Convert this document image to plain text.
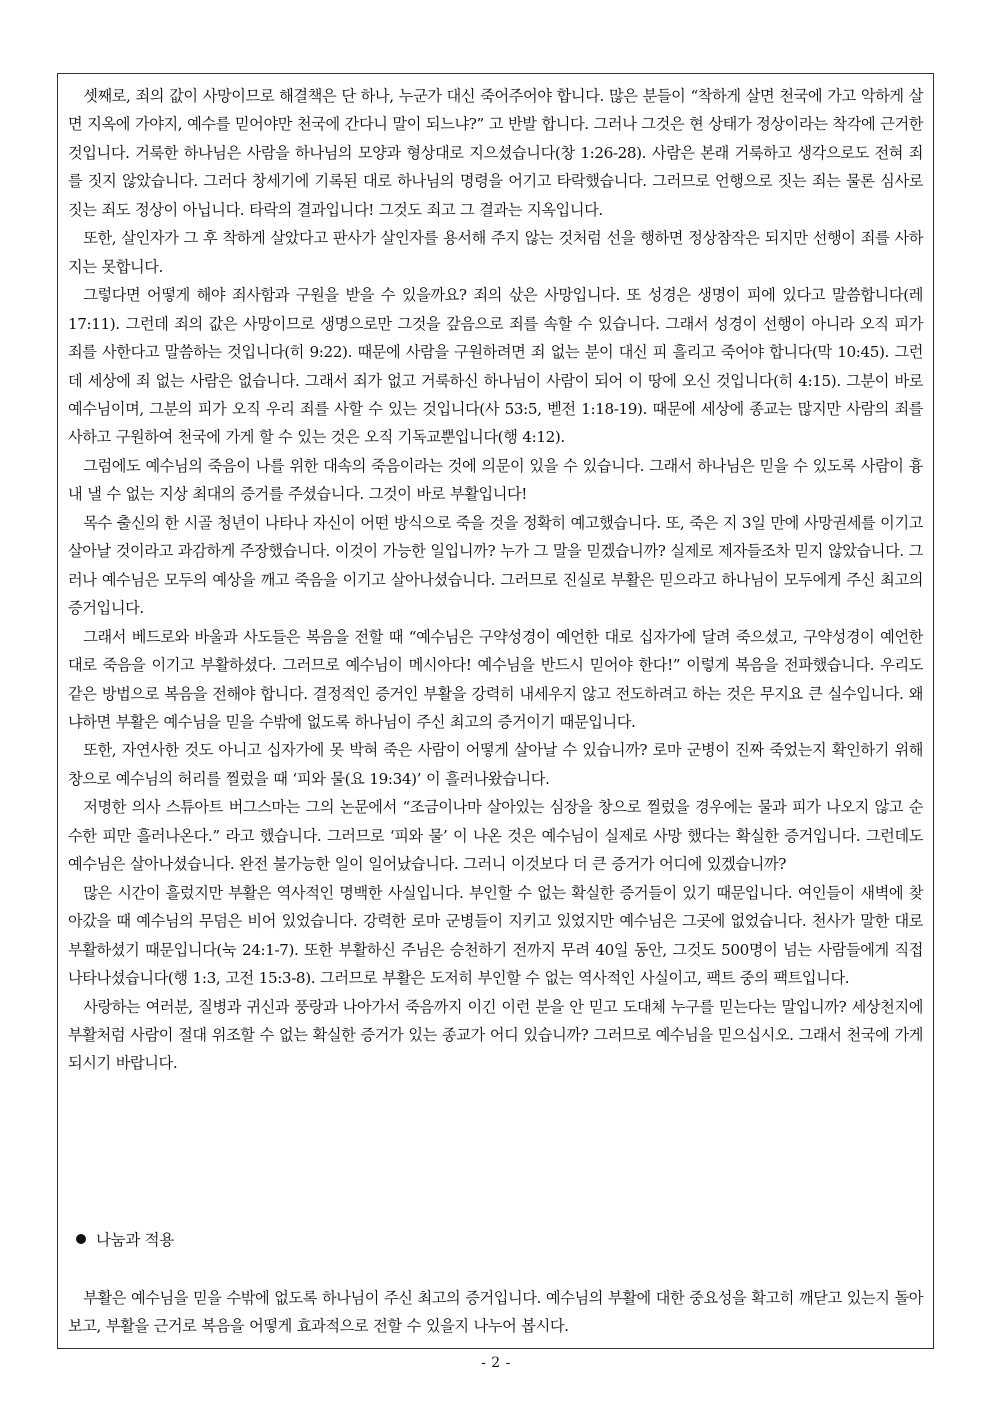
셋째로, 죄의 값이 사망이므로 해결책은 단 하나, 누군가 대신 죽어주어야 합니다. 많은 분들이 “착하게 살면 천국에 가고 악하게 살면 지옥에 가야지, 예수를 믿어야만 천국에 간다니 말이 되느냐?” 고 반발 합니다. 그러나 그것은 현 상태가 정상이라는 착각에 근거한 것입니다. 거룩한 하나님은 사람을 하나님의 모양과 형상대로 지으셨습니다(창 1:26-28). 사람은 본래 거룩하고 생각으로도 전혀 죄를 짓지 않았습니다. 그러다 창세기에 기록된 대로 하나님의 명령을 어기고 타락했습니다. 그러므로 언행으로 짓는 죄는 물론 심사로 짓는 죄도 정상이 아닙니다. 타락의 결과입니다! 그것도 죄고 그 결과는 지옥입니다.

또한, 살인자가 그 후 착하게 살았다고 판사가 살인자를 용서해 주지 않는 것처럼 선을 행하면 정상참작은 되지만 선행이 죄를 사하지는 못합니다.

그렇다면 어떻게 해야 죄사함과 구원을 받을 수 있을까요? 죄의 삯은 사망입니다. 또 성경은 생명이 피에 있다고 말씀합니다(레 17:11). 그런데 죄의 값은 사망이므로 생명으로만 그것을 갚음으로 죄를 속할 수 있습니다. 그래서 성경이 선행이 아니라 오직 피가 죄를 사한다고 말씀하는 것입니다(히 9:22). 때문에 사람을 구원하려면 죄 없는 분이 대신 피 흘리고 죽어야 합니다(막 10:45). 그런데 세상에 죄 없는 사람은 없습니다. 그래서 죄가 없고 거룩하신 하나님이 사람이 되어 이 땅에 오신 것입니다(히 4:15). 그분이 바로 예수님이며, 그분의 피가 오직 우리 죄를 사할 수 있는 것입니다(사 53:5, 벧전 1:18-19). 때문에 세상에 종교는 많지만 사람의 죄를 사하고 구원하여 천국에 가게 할 수 있는 것은 오직 기독교뿐입니다(행 4:12).

그럼에도 예수님의 죽음이 나를 위한 대속의 죽음이라는 것에 의문이 있을 수 있습니다. 그래서 하나님은 믿을 수 있도록 사람이 흉내 낼 수 없는 지상 최대의 증거를 주셨습니다. 그것이 바로 부활입니다!

목수 출신의 한 시골 청년이 나타나 자신이 어떤 방식으로 죽을 것을 정확히 예고했습니다. 또, 죽은 지 3일 만에 사망권세를 이기고 살아날 것이라고 과감하게 주장했습니다. 이것이 가능한 일입니까? 누가 그 말을 믿겠습니까? 실제로 제자들조차 믿지 않았습니다. 그러나 예수님은 모두의 예상을 깨고 죽음을 이기고 살아나셨습니다. 그러므로 진실로 부활은 믿으라고 하나님이 모두에게 주신 최고의 증거입니다.

그래서 베드로와 바울과 사도들은 복음을 전할 때 “예수님은 구약성경이 예언한 대로 십자가에 달려 죽으셨고, 구약성경이 예언한 대로 죽음을 이기고 부활하셨다. 그러므로 예수님이 메시아다! 예수님을 반드시 믿어야 한다!” 이렇게 복음을 전파했습니다. 우리도 같은 방법으로 복음을 전해야 합니다. 결정적인 증거인 부활을 강력히 내세우지 않고 전도하려고 하는 것은 무지요 큰 실수입니다. 왜냐하면 부활은 예수님을 믿을 수밖에 없도록 하나님이 주신 최고의 증거이기 때문입니다.

또한, 자연사한 것도 아니고 십자가에 못 박혀 죽은 사람이 어떻게 살아날 수 있습니까? 로마 군병이 진짜 죽었는지 확인하기 위해 창으로 예수님의 허리를 찔렀을 때 ‘피와 물(요 19:34)’ 이 흘러나왔습니다.

저명한 의사 스튜아트 버그스마는 그의 논문에서 “조금이나마 살아있는 심장을 창으로 찔렀을 경우에는 물과 피가 나오지 않고 순수한 피만 흘러나온다.” 라고 했습니다. 그러므로 ‘피와 물’ 이 나온 것은 예수님이 실제로 사망 했다는 확실한 증거입니다. 그런데도 예수님은 살아나셨습니다. 완전 불가능한 일이 일어났습니다. 그러니 이것보다 더 큰 증거가 어디에 있겠습니까?

많은 시간이 흘렀지만 부활은 역사적인 명백한 사실입니다. 부인할 수 없는 확실한 증거들이 있기 때문입니다. 여인들이 새벽에 찾아갔을 때 예수님의 무덤은 비어 있었습니다. 강력한 로마 군병들이 지키고 있었지만 예수님은 그곳에 없었습니다. 천사가 말한 대로 부활하셨기 때문입니다(눅 24:1-7). 또한 부활하신 주님은 승천하기 전까지 무려 40일 동안, 그것도 500명이 넘는 사람들에게 직접 나타나셨습니다(행 1:3, 고전 15:3-8). 그러므로 부활은 도저히 부인할 수 없는 역사적인 사실이고, 팩트 중의 팩트입니다.

사랑하는 여러분, 질병과 귀신과 풍랑과 나아가서 죽음까지 이긴 이런 분을 안 믿고 도대체 누구를 믿는다는 말입니까? 세상천지에 부활처럼 사람이 절대 위조할 수 없는 확실한 증거가 있는 종교가 어디 있습니까? 그러므로 예수님을 믿으십시오. 그래서 천국에 가게 되시기 바랍니다.

나눔과 적용

부활은 예수님을 믿을 수밖에 없도록 하나님이 주신 최고의 증거입니다. 예수님의 부활에 대한 중요성을 확고히 깨닫고 있는지 돌아보고, 부활을 근거로 복음을 어떻게 효과적으로 전할 수 있을지 나누어 봅시다.

- 2 -
